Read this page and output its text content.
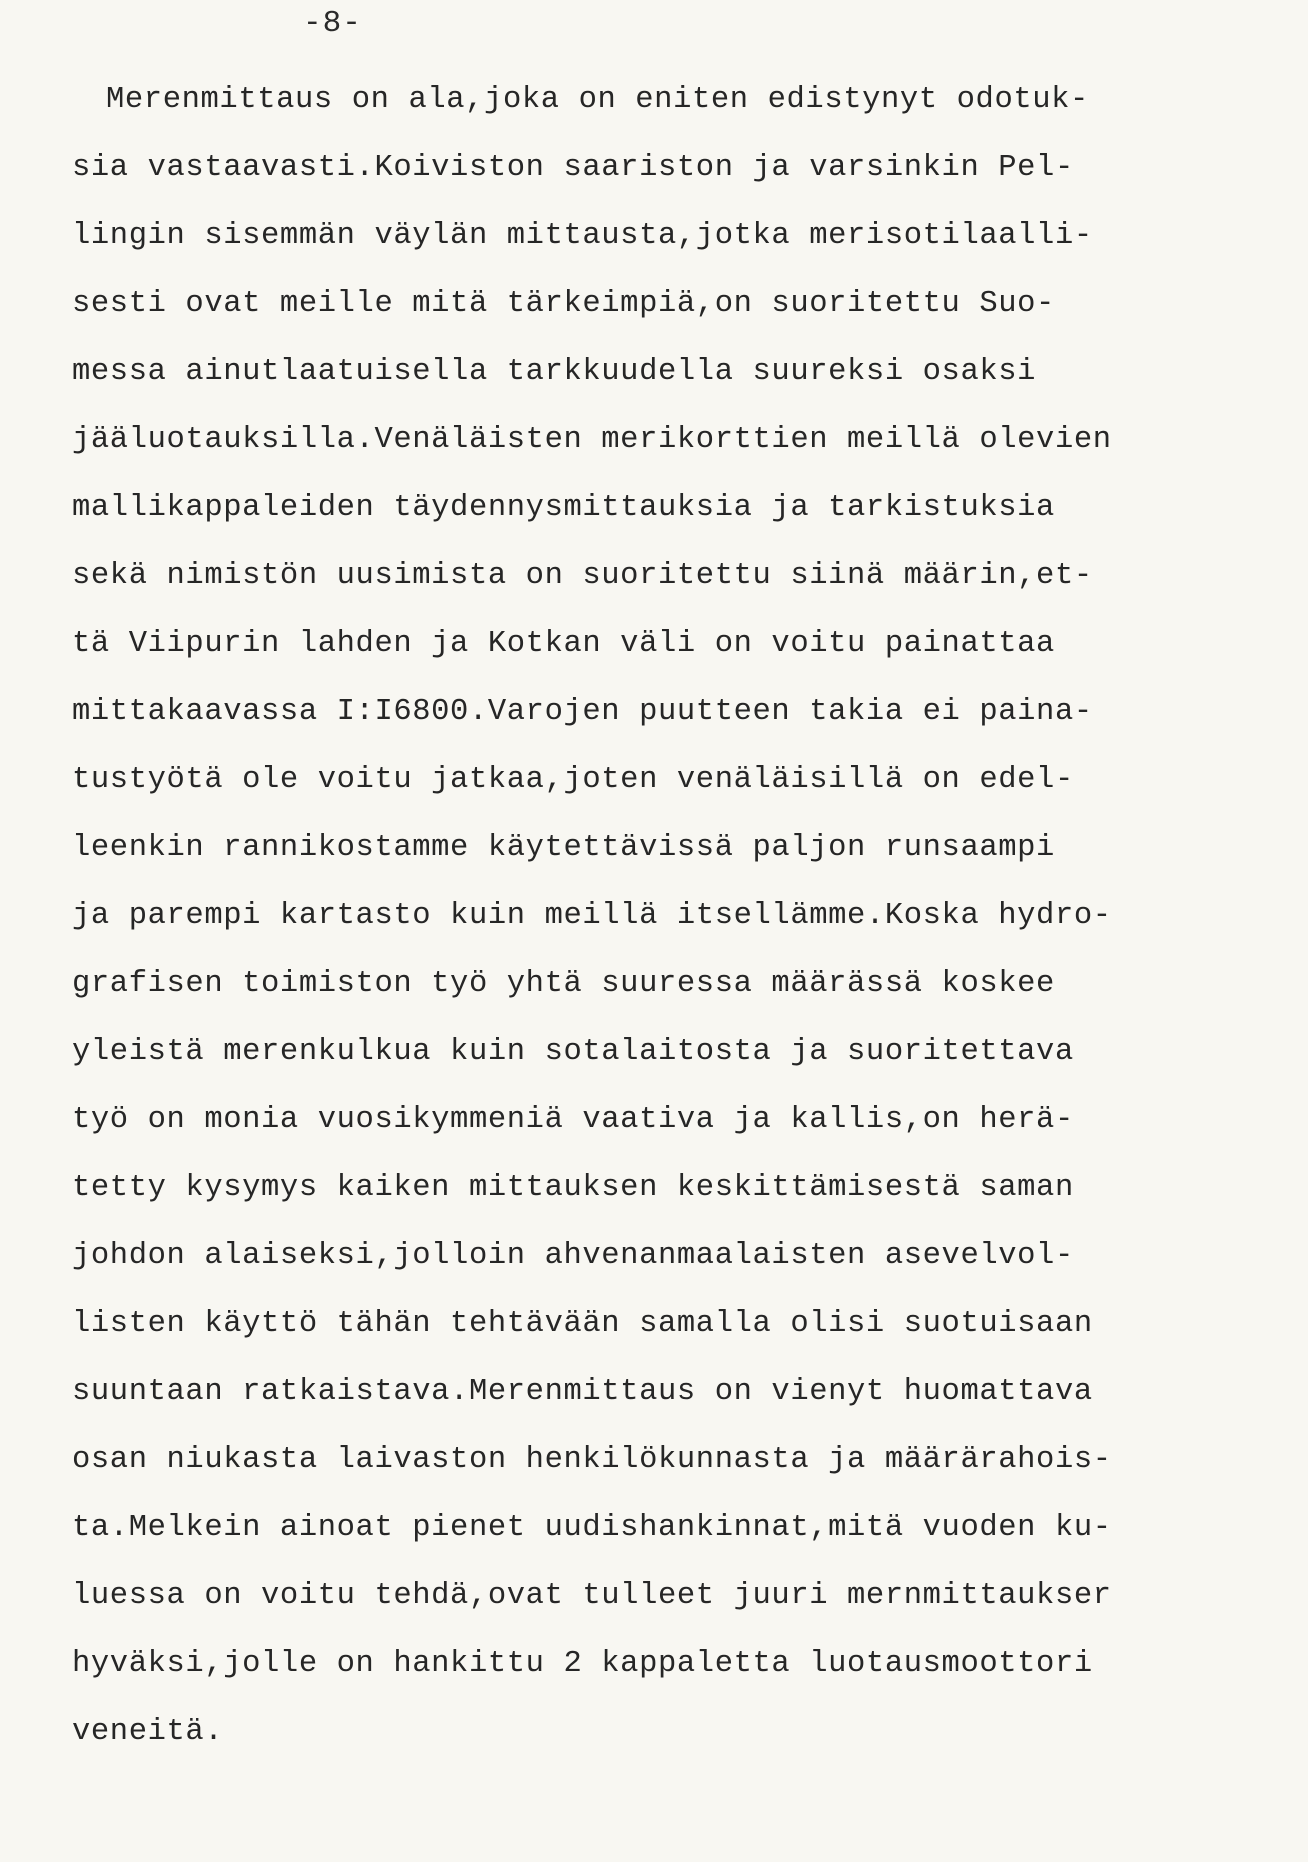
-8-
Merenmittaus on ala,joka on eniten edistynyt odotuk-
sia vastaavasti.Koiviston saariston ja varsinkin Pel-
lingin sisemmän väylän mittausta,jotka merisotilaalli-
sesti ovat meille mitä tärkeimpiä,on suoritettu Suo-
messa ainutlaatuisella tarkkuudella suureksi osaksi
jääluotauksilla.Venäläisten merikorttien meillä olevien
mallikappaleiden täydennysmittauksia ja tarkistuksia
sekä nimistön uusimista on suoritettu siinä määrin,et-
tä Viipurin lahden ja Kotkan väli on voitu painattaa
mittakaavassa I:I6800.Varojen puutteen takia ei paina-
tustyötä ole voitu jatkaa,joten venäläisillä on edel-
leenkin rannikostamme käytettävissä paljon runsaampi
ja parempi kartasto kuin meillä itsellämme.Koska hydro-
grafisen toimiston työ yhtä suuressa määrässä koskee
yleistä merenkulkua kuin sotalaitosta ja suoritettava
työ on monia vuosikymmeniä vaativa ja kallis,on herä-
tetty kysymys kaiken mittauksen keskittämisestä saman
johdon alaiseksi,jolloin ahvenanmaalaisten asevelvol-
listen käyttö tähän tehtävään samalla olisi suotuisaan
suuntaan ratkaistava.Merenmittaus on vienyt huomattava
osan niukasta laivaston henkilökunnasta ja määrärahois-
ta.Melkein ainoat pienet uudishankinnat,mitä vuoden ku-
luessa on voitu tehdä,ovat tulleet juuri mernmittaukser
hyväksi,jolle on hankittu 2 kappaletta luotausmoottori
veneitä.
